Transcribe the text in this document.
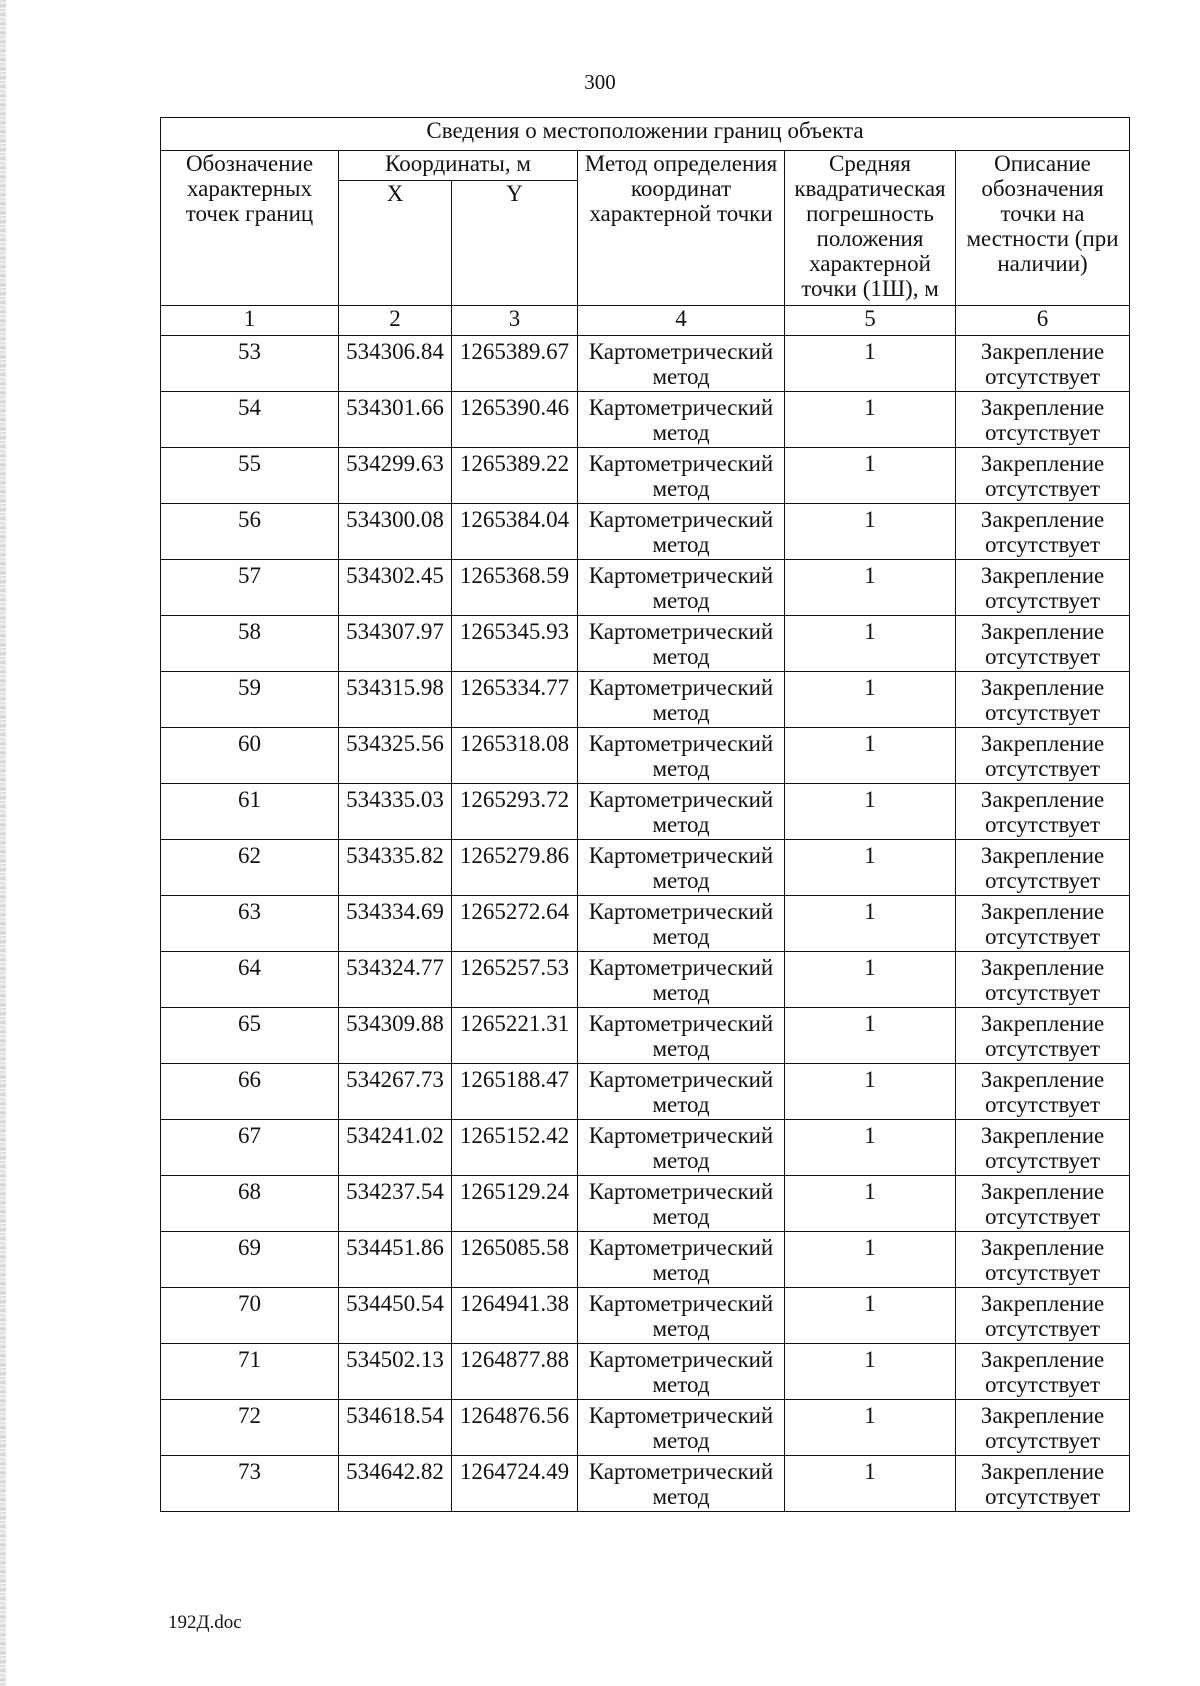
300
Сведения о местоположении границ объекта					
Обозначение характерных точек границ	Координаты, м		Метод определения координат характерной точки	Средняя квадратическая погрешность положения характерной точки (1Ш), м	Описание обозначения точки на местности (при наличии)
	X	Y			
1	2	3	4	5	6
53	534306.84	1265389.67	Картометрический метод	1	Закрепление отсутствует
54	534301.66	1265390.46	Картометрический метод	1	Закрепление отсутствует
55	534299.63	1265389.22	Картометрический метод	1	Закрепление отсутствует
56	534300.08	1265384.04	Картометрический метод	1	Закрепление отсутствует
57	534302.45	1265368.59	Картометрический метод	1	Закрепление отсутствует
58	534307.97	1265345.93	Картометрический метод	1	Закрепление отсутствует
59	534315.98	1265334.77	Картометрический метод	1	Закрепление отсутствует
60	534325.56	1265318.08	Картометрический метод	1	Закрепление отсутствует
61	534335.03	1265293.72	Картометрический метод	1	Закрепление отсутствует
62	534335.82	1265279.86	Картометрический метод	1	Закрепление отсутствует
63	534334.69	1265272.64	Картометрический метод	1	Закрепление отсутствует
64	534324.77	1265257.53	Картометрический метод	1	Закрепление отсутствует
65	534309.88	1265221.31	Картометрический метод	1	Закрепление отсутствует
66	534267.73	1265188.47	Картометрический метод	1	Закрепление отсутствует
67	534241.02	1265152.42	Картометрический метод	1	Закрепление отсутствует
68	534237.54	1265129.24	Картометрический метод	1	Закрепление отсутствует
69	534451.86	1265085.58	Картометрический метод	1	Закрепление отсутствует
70	534450.54	1264941.38	Картометрический метод	1	Закрепление отсутствует
71	534502.13	1264877.88	Картометрический метод	1	Закрепление отсутствует
72	534618.54	1264876.56	Картометрический метод	1	Закрепление отсутствует
73	534642.82	1264724.49	Картометрический метод	1	Закрепление отсутствует
192Д.doc
